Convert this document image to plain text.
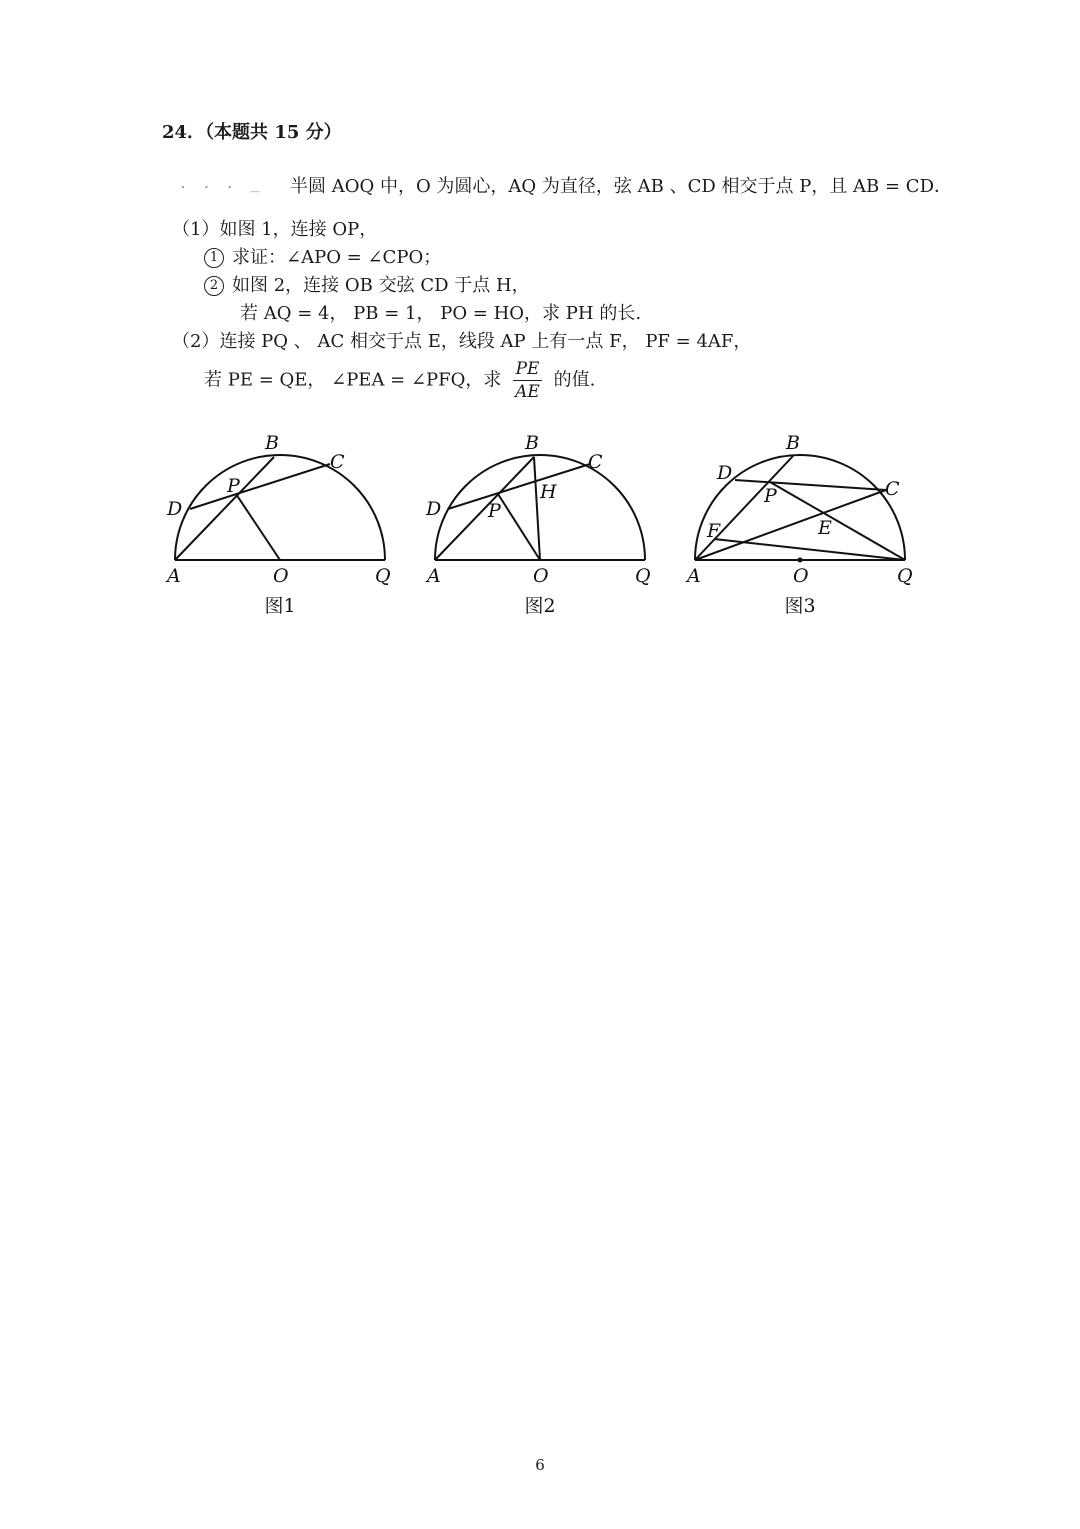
24．（本题共 15 分）
. . . _ 半圆 AOQ 中，O 为圆心，AQ 为直径，弦 AB 、CD 相交于点 P，且 AB = CD．
（1）如图 1，连接 OP，
1 求证：∠APO = ∠CPO；
2 如图 2，连接 OB 交弦 CD 于点 H，
若 AQ = 4， PB = 1， PO = HO，求 PH 的长.
（2）连接 PQ 、 AC 相交于点 E，线段 AP 上有一点 F， PF = 4AF，
若 PE = QE， ∠PEA = ∠PFQ，求 $\frac{PE}{AE}$ 的值.
B
C
D
P
A	O	Q
B
C
D P
H
A	O	Q
B
C
D
P
E
F
A	O	Q
图1	图2	图3
6
